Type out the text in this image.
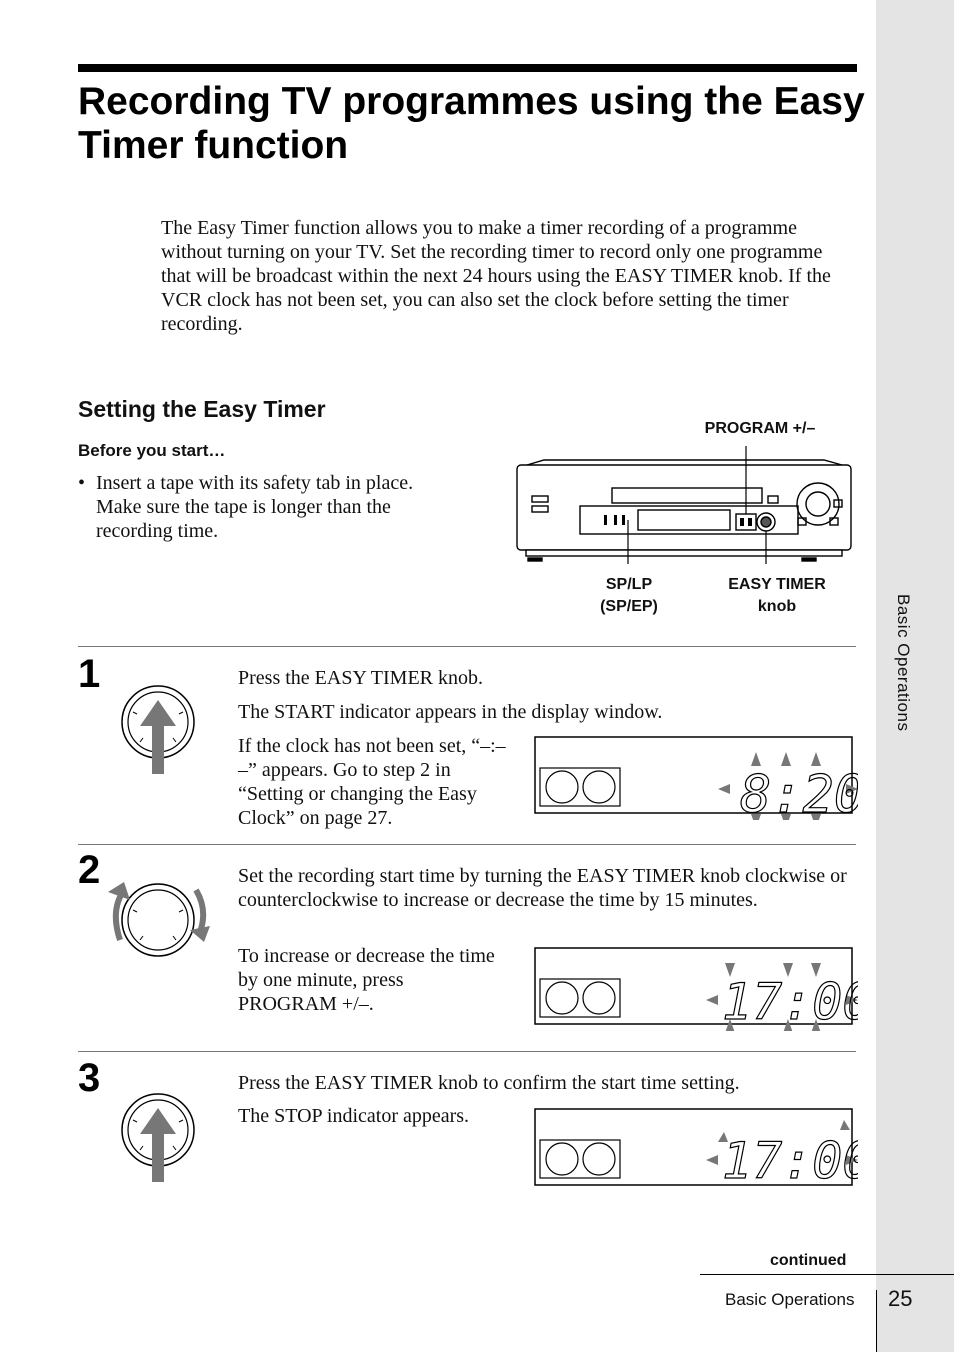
Basic Operations
Recording TV programmes using the Easy Timer function

The Easy Timer function allows you to make a timer recording of a programme without turning on your TV. Set the recording timer to record only one programme that will be broadcast within the next 24 hours using the EASY TIMER knob. If the VCR clock has not been set, you can also set the clock before setting the timer recording.

Setting the Easy Timer
Before you start…
• Insert a tape with its safety tab in place. Make sure the tape is longer than the recording time.
PROGRAM +/–
SP/LP
(SP/EP)
EASY TIMER
knob
1	Press the EASY TIMER knob.

The START indicator appears in the display window.

If the clock has not been set, “–:– –” appears. Go to step 2 in “Setting or changing the Easy Clock” on page 27.	8:20
2	Set the recording start time by turning the EASY TIMER knob clockwise or counterclockwise to increase or decrease the time by 15 minutes.

To increase or decrease the time by one minute, press PROGRAM +/–.	17:00
3	Press the EASY TIMER knob to confirm the start time setting.

The STOP indicator appears.

17:00
continued
Basic Operations 25
